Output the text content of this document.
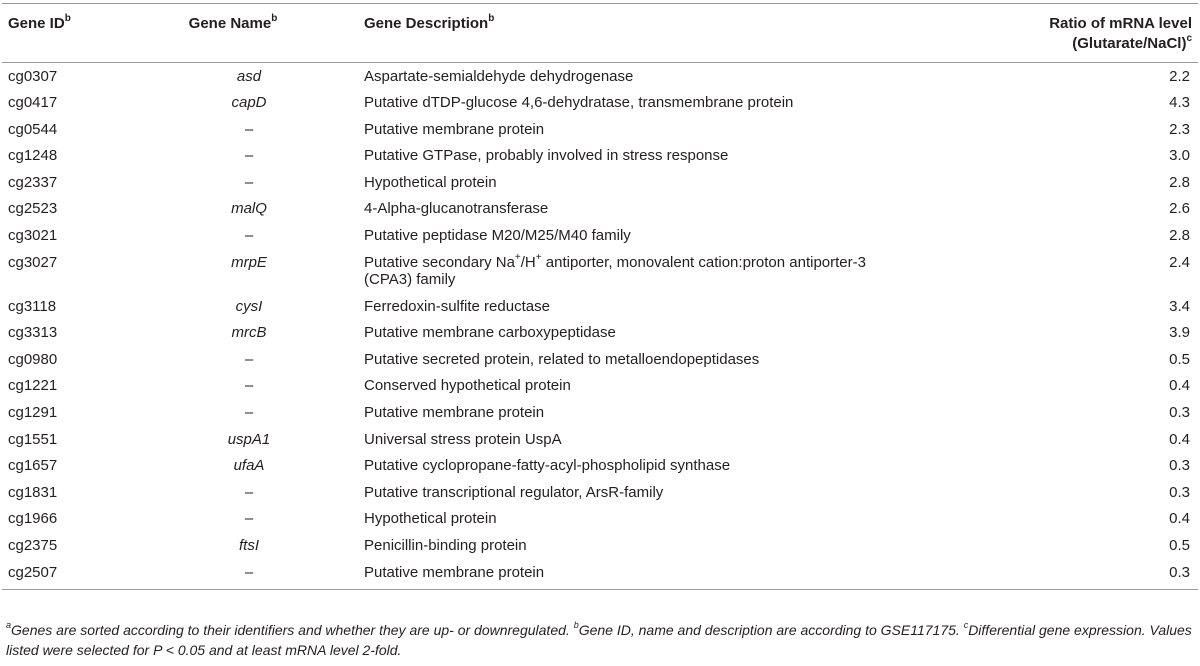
Gene $ID^b$	Gene Name$^b$	Gene Description$^b$	Ratio of mRNA level
(Glutarate/NaCl)$^c$
cg0307	asd	Aspartate-semialdehyde dehydrogenase	2.2
cg0417	capD	Putative dTDP-glucose 4,6-dehydratase, transmembrane protein	4.3
cg0544	–	Putative membrane protein	2.3
cg1248	–	Putative GTPase, probably involved in stress response	3.0
cg2337	–	Hypothetical protein	2.8
cg2523	malQ	4-Alpha-glucanotransferase	2.6
cg3021	–	Putative peptidase M20/M25/M40 family	2.8
cg3027	mrpE	Putative secondary Na+/H+ antiporter, monovalent cation:proton antiporter-3
(CPA3) family	2.4
cg3118	cysI	Ferredoxin-sulfite reductase	3.4
cg3313	mrcB	Putative membrane carboxypeptidase	3.9
cg0980	–	Putative secreted protein, related to metalloendopeptidases	0.5
cg1221	–	Conserved hypothetical protein	0.4
cg1291	–	Putative membrane protein	0.3
cg1551	uspA1	Universal stress protein UspA	0.4
cg1657	ufaA	Putative cyclopropane-fatty-acyl-phospholipid synthase	0.3
cg1831	–	Putative transcriptional regulator, ArsR-family	0.3
cg1966	–	Hypothetical protein	0.4
cg2375	ftsI	Penicillin-binding protein	0.5
cg2507	–	Putative membrane protein	0.3
$^a$Genes are sorted according to their identifiers and whether they are up- or downregulated. $^b$Gene ID, name and description are according to GSE117175. $^c$Differential gene expression. Values listed were selected for P < 0.05 and at least mRNA level 2-fold.
